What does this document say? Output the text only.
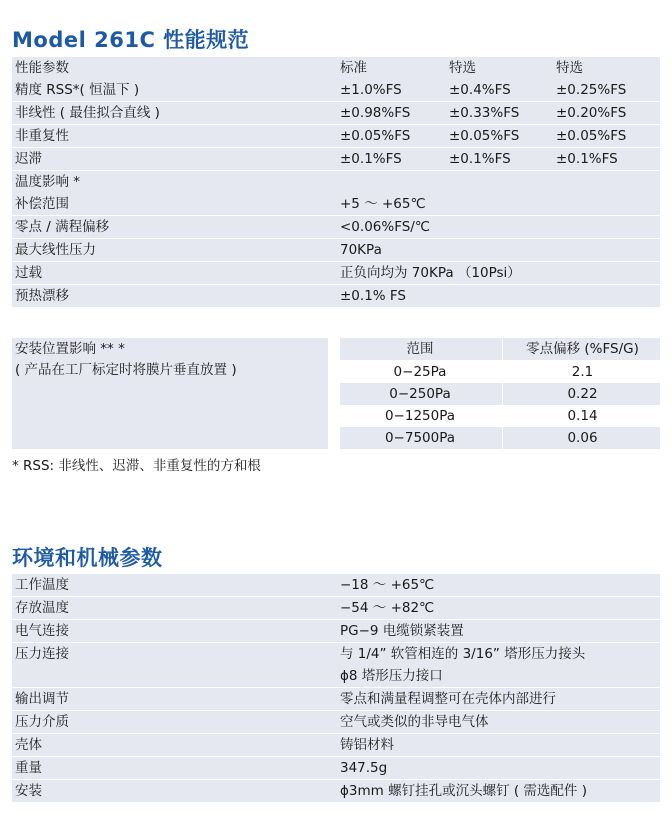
Model 261C 性能规范
性能参数	标准	特选	特选
精度 RSS*( 恒温下 )	±1.0%FS	±0.4%FS	±0.25%FS
非线性 ( 最佳拟合直线 )	±0.98%FS	±0.33%FS	±0.20%FS
非重复性	±0.05%FS	±0.05%FS	±0.05%FS
迟滞	±0.1%FS	±0.1%FS	±0.1%FS
温度影响 *
补偿范围	+5 ～ +65℃
零点 / 满程偏移	<0.06%FS/℃
最大线性压力	70KPa
过载	正负向均为 70KPa （10Psi）
预热漂移	±0.1% FS
安装位置影响 ** *
( 产品在工厂标定时将膜片垂直放置 )
范围	零点偏移 (%FS/G)
0−25Pa	2.1
0−250Pa	0.22
0−1250Pa	0.14
0−7500Pa	0.06
* RSS: 非线性、迟滞、非重复性的方和根
环境和机械参数
工作温度	−18 ～ +65℃
存放温度	−54 ～ +82℃
电气连接	PG−9 电缆锁紧装置
压力连接	与 1/4” 软管相连的 3/16” 塔形压力接头
ϕ8 塔形压力接口
输出调节	零点和满量程调整可在壳体内部进行
压力介质	空气或类似的非导电气体
壳体	铸铝材料
重量	347.5g
安装	ϕ3mm 螺钉挂孔或沉头螺钉 ( 需选配件 )
